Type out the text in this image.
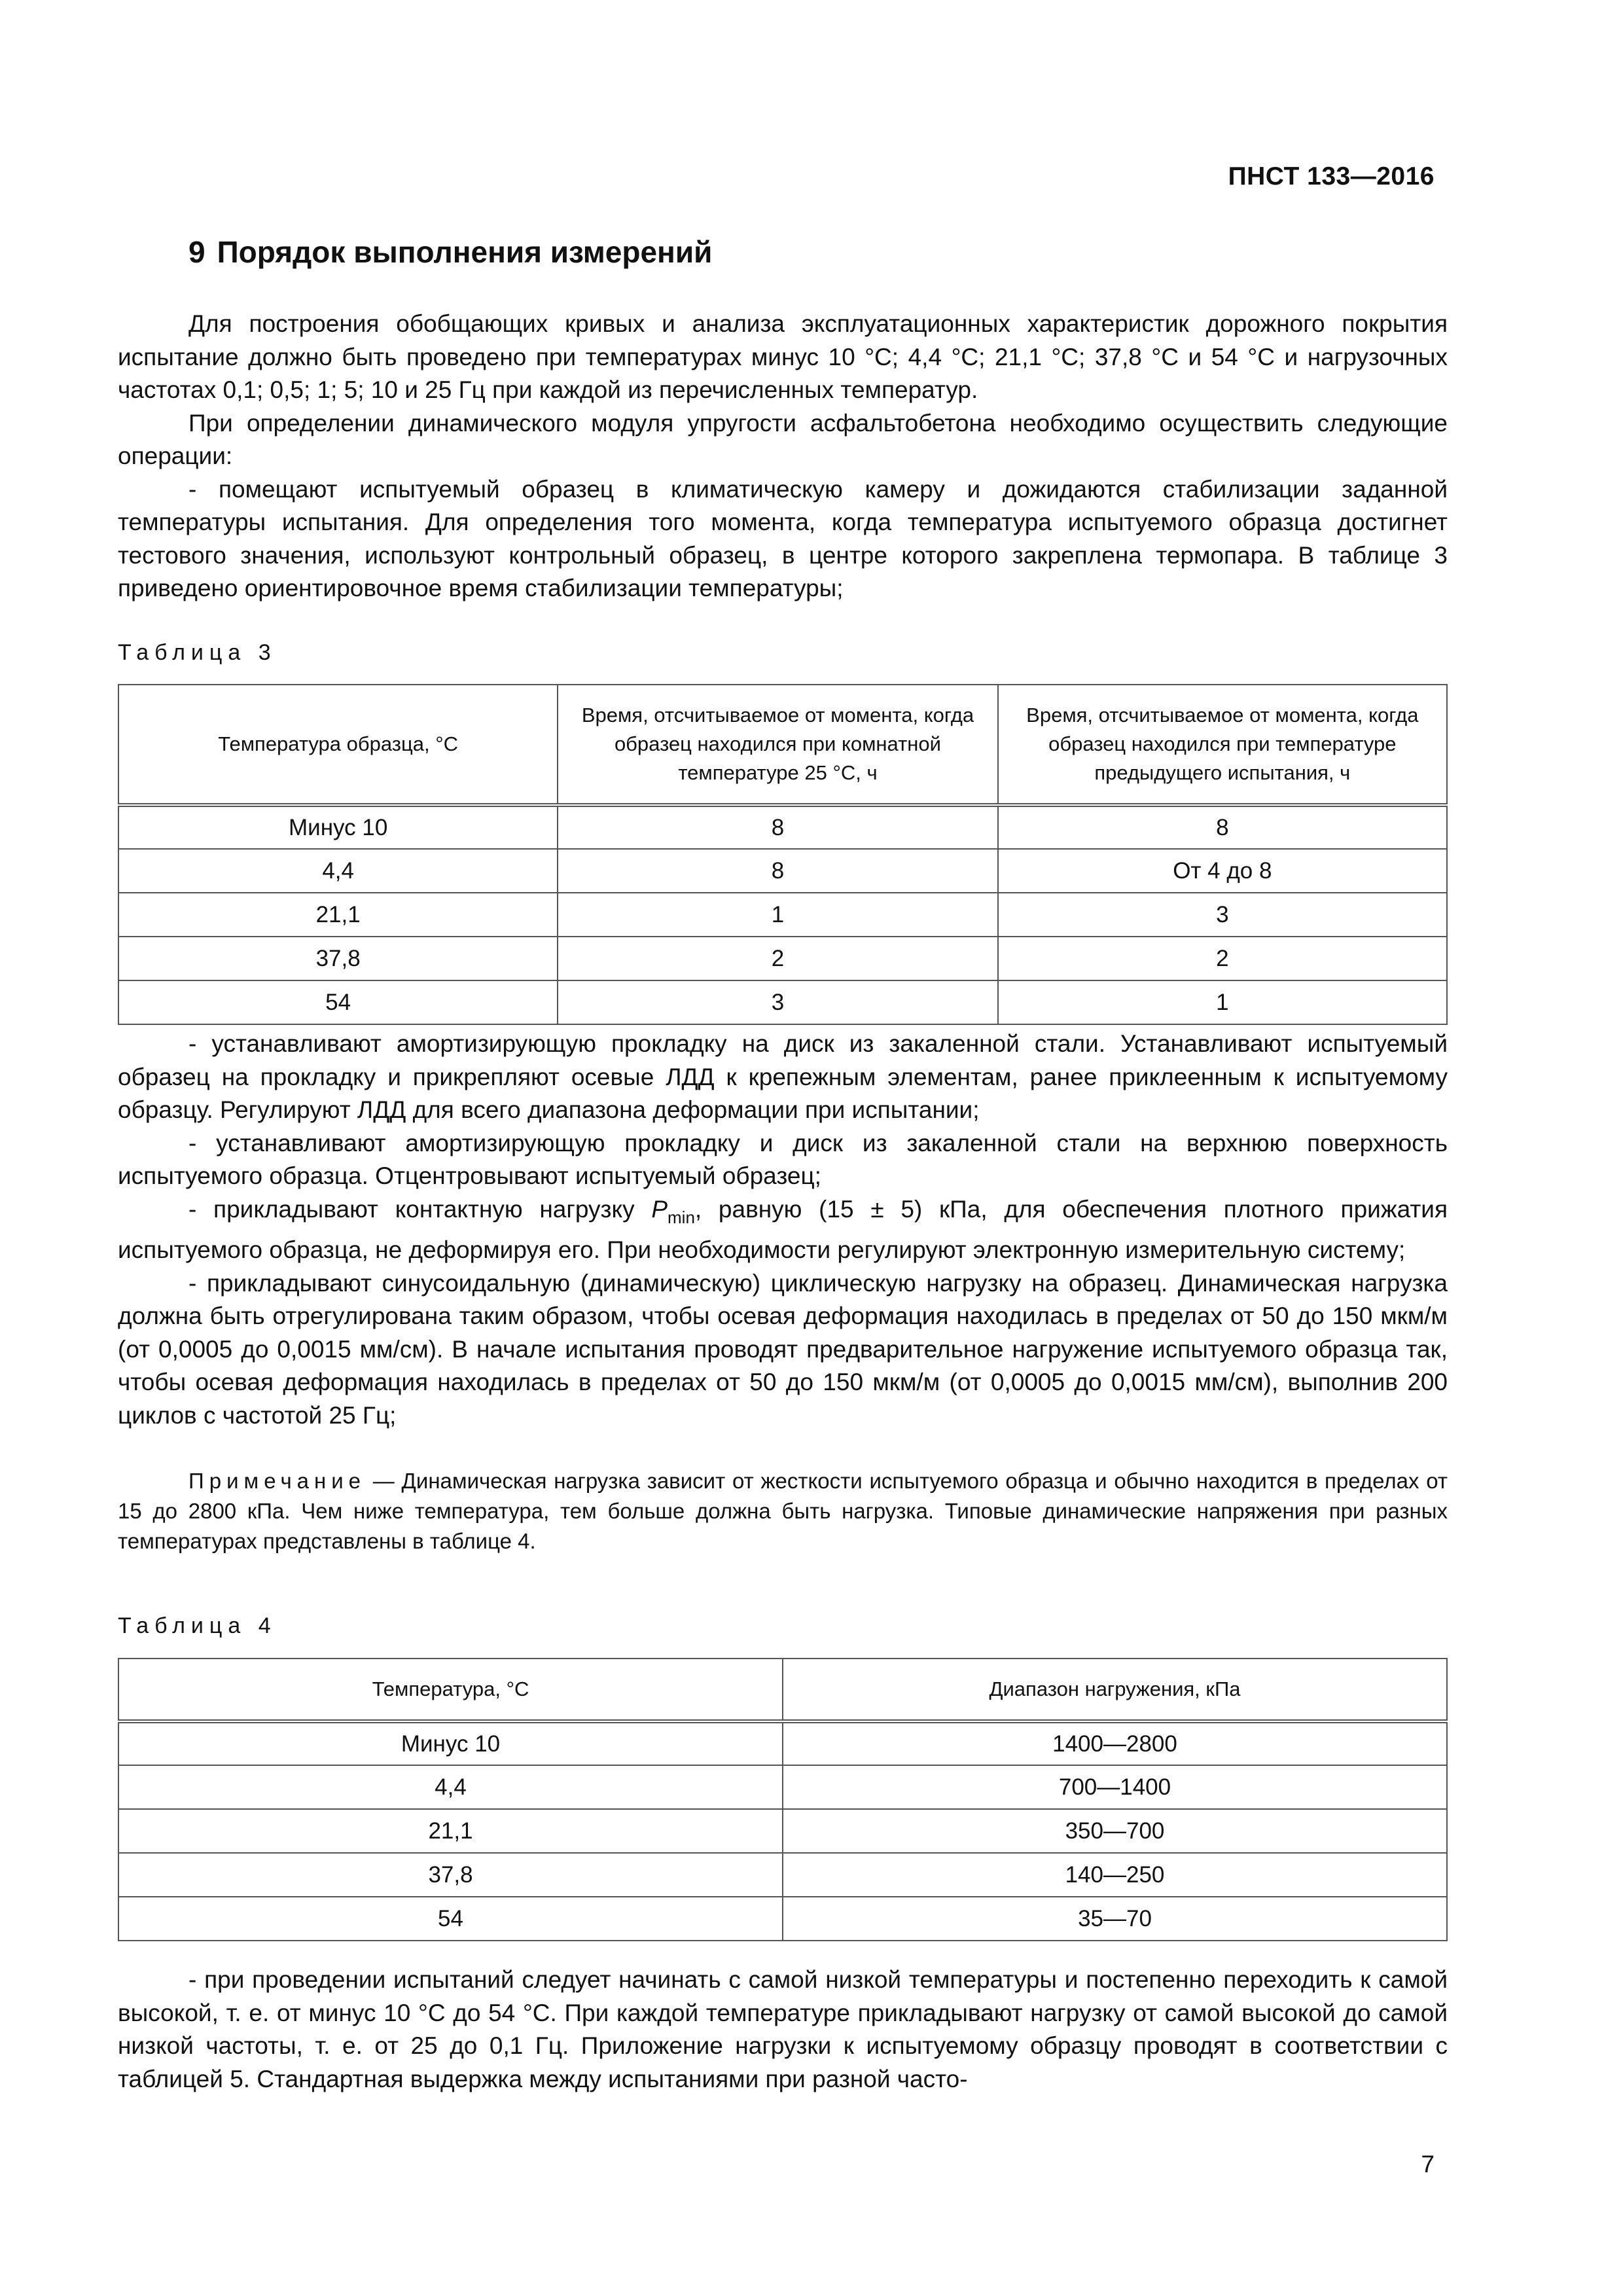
ПНСТ 133—2016
9 Порядок выполнения измерений

Для построения обобщающих кривых и анализа эксплуатационных характеристик дорожного покрытия испытание должно быть проведено при температурах минус 10 °С; 4,4 °С; 21,1 °С; 37,8 °С и 54 °С и нагрузочных частотах 0,1; 0,5; 1; 5; 10 и 25 Гц при каждой из перечисленных температур.

При определении динамического модуля упругости асфальтобетона необходимо осуществить следующие операции:

- помещают испытуемый образец в климатическую камеру и дожидаются стабилизации заданной температуры испытания. Для определения того момента, когда температура испытуемого образца достигнет тестового значения, используют контрольный образец, в центре которого закреплена термопара. В таблице 3 приведено ориентировочное время стабилизации температуры;

Таблица 3
Температура образца, °С	Время, отсчитываемое от момента, когда образец находился при комнатной температуре 25 °С, ч	Время, отсчитываемое от момента, когда образец находился при температуре предыдущего испытания, ч
Минус 10	8	8
4,4	8	От 4 до 8
21,1	1	3
37,8	2	2
54	3	1

- устанавливают амортизирующую прокладку на диск из закаленной стали. Устанавливают испытуемый образец на прокладку и прикрепляют осевые ЛДД к крепежным элементам, ранее приклеенным к испытуемому образцу. Регулируют ЛДД для всего диапазона деформации при испытании;

- устанавливают амортизирующую прокладку и диск из закаленной стали на верхнюю поверхность испытуемого образца. Отцентровывают испытуемый образец;

- прикладывают контактную нагрузку $P_{min}$, равную (15 ± 5) кПа, для обеспечения плотного прижатия испытуемого образца, не деформируя его. При необходимости регулируют электронную измерительную систему;

- прикладывают синусоидальную (динамическую) циклическую нагрузку на образец. Динамическая нагрузка должна быть отрегулирована таким образом, чтобы осевая деформация находилась в пределах от 50 до 150 мкм/м (от 0,0005 до 0,0015 мм/см). В начале испытания проводят предварительное нагружение испытуемого образца так, чтобы осевая деформация находилась в пределах от 50 до 150 мкм/м (от 0,0005 до 0,0015 мм/см), выполнив 200 циклов с частотой 25 Гц;

Примечание — Динамическая нагрузка зависит от жесткости испытуемого образца и обычно находится в пределах от 15 до 2800 кПа. Чем ниже температура, тем больше должна быть нагрузка. Типовые динамические напряжения при разных температурах представлены в таблице 4.

Таблица 4
Температура, °С	Диапазон нагружения, кПа
Минус 10	1400—2800
4,4	700—1400
21,1	350—700
37,8	140—250
54	35—70

- при проведении испытаний следует начинать с самой низкой температуры и постепенно переходить к самой высокой, т. е. от минус 10 °С до 54 °С. При каждой температуре прикладывают нагрузку от самой высокой до самой низкой частоты, т. е. от 25 до 0,1 Гц. Приложение нагрузки к испытуемому образцу проводят в соответствии с таблицей 5. Стандартная выдержка между испытаниями при разной часто-

7
